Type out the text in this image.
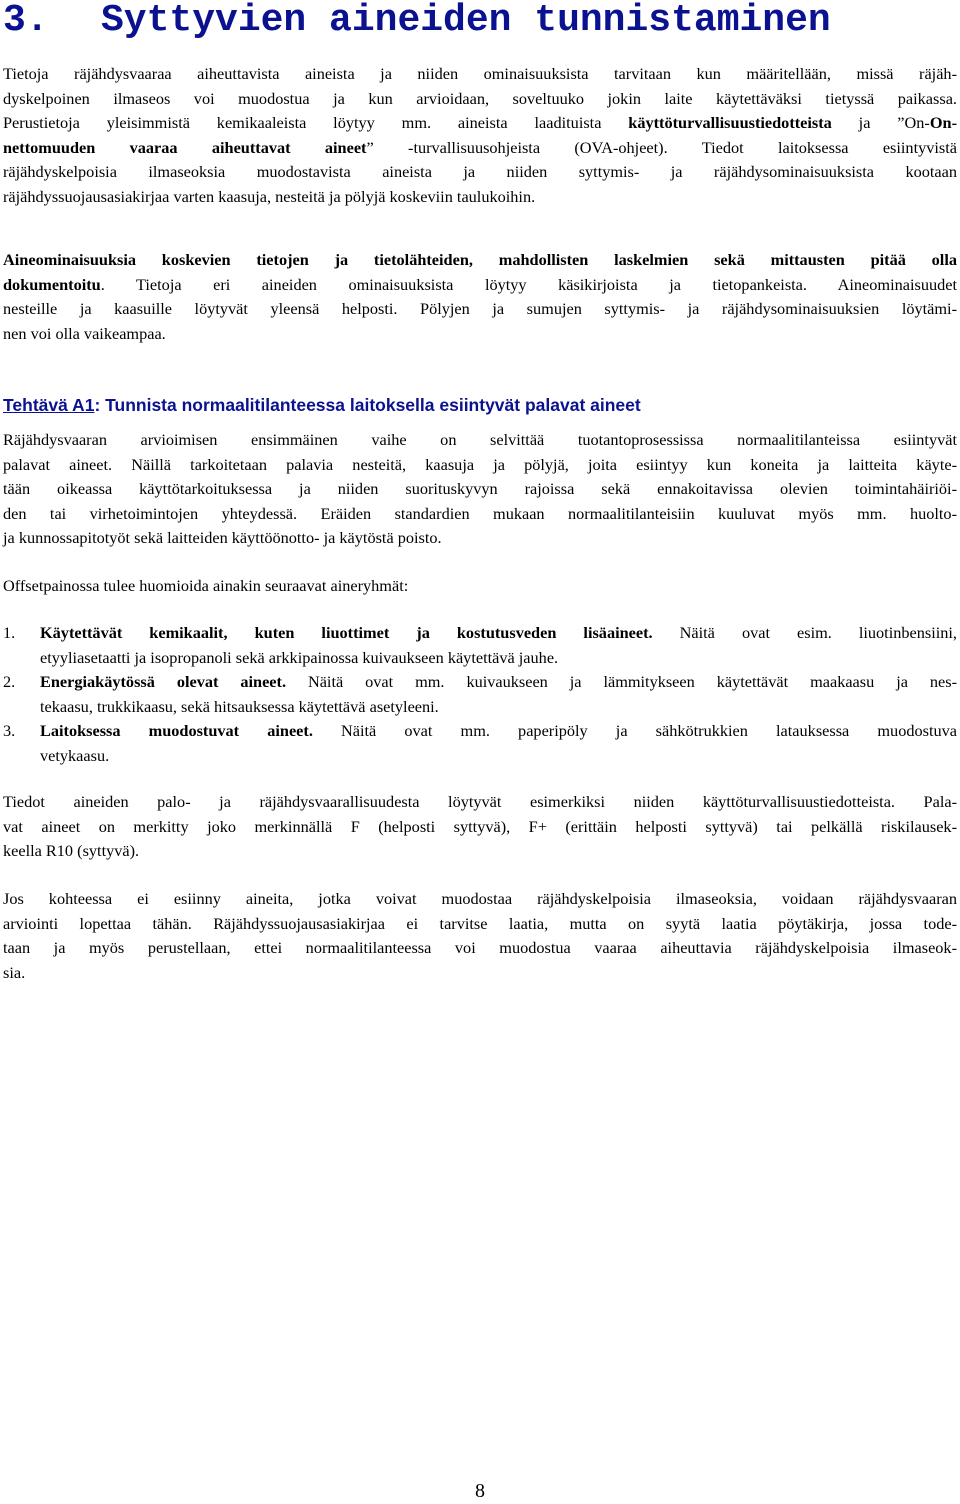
3. Syttyvien aineiden tunnistaminen

Tietoja räjähdysvaaraa aiheuttavista aineista ja niiden ominaisuuksista tarvitaan kun määritellään, missä räjäh-
dyskelpoinen ilmaseos voi muodostua ja kun arvioidaan, soveltuuko jokin laite käytettäväksi tietyssä paikassa.
Perustietoja yleisimmistä kemikaaleista löytyy mm. aineista laadituista käyttöturvallisuustiedotteista ja ”On-On-
nettomuuden vaaraa aiheuttavat aineet” -turvallisuusohjeista (OVA-ohjeet). Tiedot laitoksessa esiintyvistä
räjähdyskelpoisia ilmaseoksia muodostavista aineista ja niiden syttymis- ja räjähdysominaisuuksista kootaan
räjähdyssuojausasiakirjaa varten kaasuja, nesteitä ja pölyjä koskeviin taulukoihin.

Aineominaisuuksia koskevien tietojen ja tietolähteiden, mahdollisten laskelmien sekä mittausten pitää olla
dokumentoitu. Tietoja eri aineiden ominaisuuksista löytyy käsikirjoista ja tietopankeista. Aineominaisuudet
nesteille ja kaasuille löytyvät yleensä helposti. Pölyjen ja sumujen syttymis- ja räjähdysominaisuuksien löytämi-
nen voi olla vaikeampaa.

Tehtävä A1: Tunnista normaalitilanteessa laitoksella esiintyvät palavat aineet

Räjähdysvaaran arvioimisen ensimmäinen vaihe on selvittää tuotantoprosessissa normaalitilanteissa esiintyvät
palavat aineet. Näillä tarkoitetaan palavia nesteitä, kaasuja ja pölyjä, joita esiintyy kun koneita ja laitteita käyte-
tään oikeassa käyttötarkoituksessa ja niiden suorituskyvyn rajoissa sekä ennakoitavissa olevien toimintahäiriöi-
den tai virhetoimintojen yhteydessä. Eräiden standardien mukaan normaalitilanteisiin kuuluvat myös mm. huolto-
ja kunnossapitotyöt sekä laitteiden käyttöönotto- ja käytöstä poisto.

Offsetpainossa tulee huomioida ainakin seuraavat aineryhmät:

1. Käytettävät kemikaalit, kuten liuottimet ja kostutusveden lisäaineet. Näitä ovat esim. liuotinbensiini,
etyyliasetaatti ja isopropanoli sekä arkkipainossa kuivaukseen käytettävä jauhe.
2. Energiakäytössä olevat aineet. Näitä ovat mm. kuivaukseen ja lämmitykseen käytettävät maakaasu ja nes-
tekaasu, trukkikaasu, sekä hitsauksessa käytettävä asetyleeni.
3. Laitoksessa muodostuvat aineet. Näitä ovat mm. paperipöly ja sähkötrukkien latauksessa muodostuva
vetykaasu.

Tiedot aineiden palo- ja räjähdysvaarallisuudesta löytyvät esimerkiksi niiden käyttöturvallisuustiedotteista. Pala-
vat aineet on merkitty joko merkinnällä F (helposti syttyvä), F+ (erittäin helposti syttyvä) tai pelkällä riskilausek-
keella R10 (syttyvä).

Jos kohteessa ei esiinny aineita, jotka voivat muodostaa räjähdyskelpoisia ilmaseoksia, voidaan räjähdysvaaran
arviointi lopettaa tähän. Räjähdyssuojausasiakirjaa ei tarvitse laatia, mutta on syytä laatia pöytäkirja, jossa tode-
taan ja myös perustellaan, ettei normaalitilanteessa voi muodostua vaaraa aiheuttavia räjähdyskelpoisia ilmaseok-
sia.

8
